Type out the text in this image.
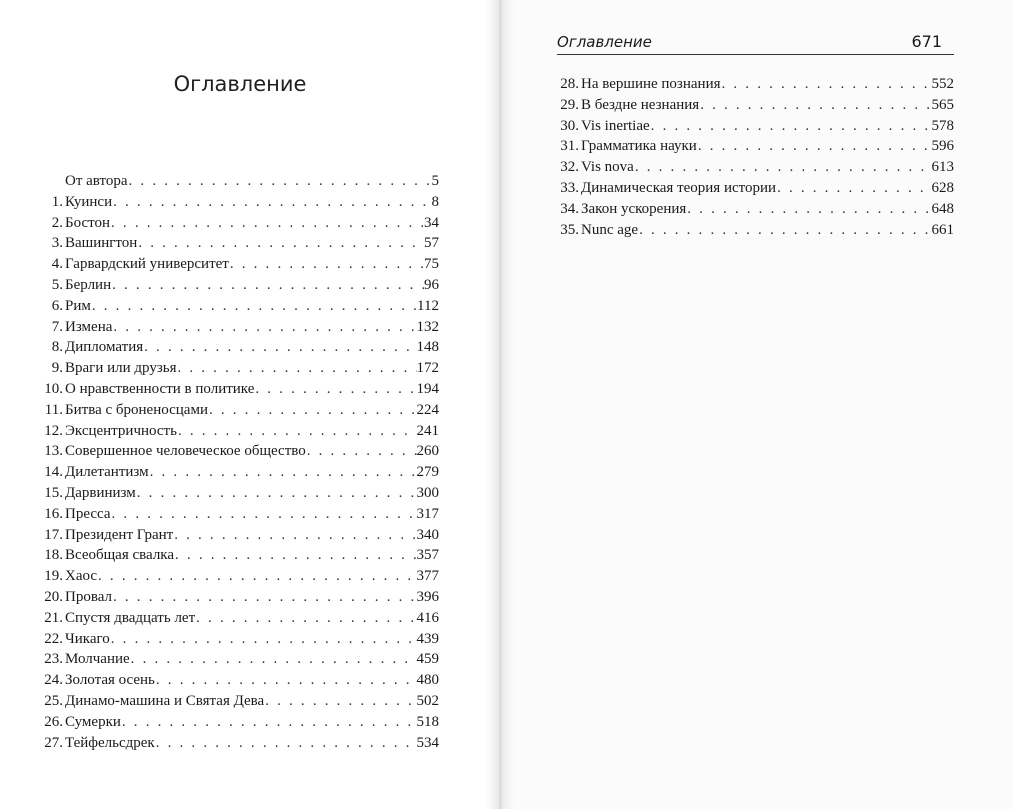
Оглавление
От автора . . .	5
1. Куинси . . .	8
2. Бостон . . .	34
3. Вашингтон . . .	57
4. Гарвардский университет . . .	75
5. Берлин . . .	96
6. Рим . . .	112
7. Измена . . .	132
8. Дипломатия . . .	148
9. Враги или друзья . . .	172
10. О нравственности в политике . . .	194
11. Битва с броненосцами . . .	224
12. Эксцентричность . . .	241
13. Совершенное человеческое общество . . .	260
14. Дилетантизм . . .	279
15. Дарвинизм . . .	300
16. Пресса . . .	317
17. Президент Грант . . .	340
18. Всеобщая свалка . . .	357
19. Хаос . . .	377
20. Провал . . .	396
21. Спустя двадцать лет . . .	416
22. Чикаго . . .	439
23. Молчание . . .	459
24. Золотая осень . . .	480
25. Динамо-машина и Святая Дева . . .	502
26. Сумерки . . .	518
27. Тейфельсдрек . . .	534
Оглавление	671
28. На вершине познания . . .	552
29. В бездне незнания . . .	565
30. Vis inertiae . . .	578
31. Грамматика науки . . .	596
32. Vis nova . . .	613
33. Динамическая теория истории . . .	628
34. Закон ускорения . . .	648
35. Nunc age . . .	661
